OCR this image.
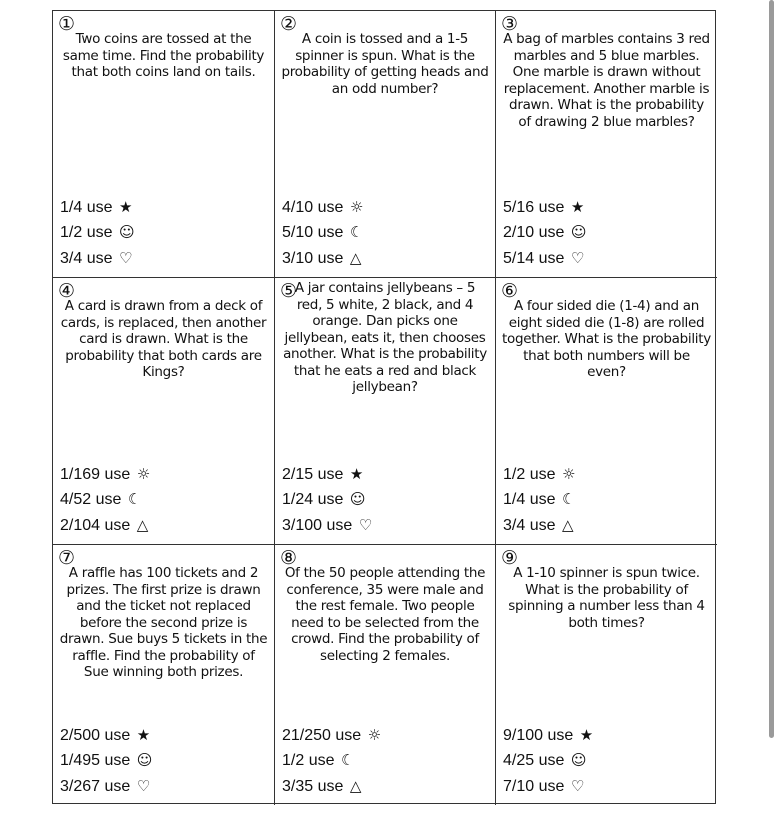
①
Two coins are tossed at the same time. Find the probability that both coins land on tails.
1/4 use ★
1/2 use ☺
3/4 use ♡
②
A coin is tossed and a 1-5 spinner is spun. What is the probability of getting heads and an odd number?
4/10 use ☼
5/10 use ☾
3/10 use △
③
A bag of marbles contains 3 red marbles and 5 blue marbles. One marble is drawn without replacement. Another marble is drawn. What is the probability of drawing 2 blue marbles?
5/16 use ★
2/10 use ☺
5/14 use ♡
④
A card is drawn from a deck of cards, is replaced, then another card is drawn. What is the probability that both cards are Kings?
1/169 use ☼
4/52 use ☾
2/104 use △
⑤
A jar contains jellybeans – 5 red, 5 white, 2 black, and 4 orange. Dan picks one jellybean, eats it, then chooses another. What is the probability that he eats a red and black jellybean?
2/15 use ★
1/24 use ☺
3/100 use ♡
⑥
A four sided die (1-4) and an eight sided die (1-8) are rolled together. What is the probability that both numbers will be even?
1/2 use ☼
1/4 use ☾
3/4 use △
⑦
A raffle has 100 tickets and 2 prizes. The first prize is drawn and the ticket not replaced before the second prize is drawn. Sue buys 5 tickets in the raffle. Find the probability of Sue winning both prizes.
2/500 use ★
1/495 use ☺
3/267 use ♡
⑧
Of the 50 people attending the conference, 35 were male and the rest female. Two people need to be selected from the crowd. Find the probability of selecting 2 females.
21/250 use ☼
1/2 use ☾
3/35 use △
⑨
A 1-10 spinner is spun twice. What is the probability of spinning a number less than 4 both times?
9/100 use ★
4/25 use ☺
7/10 use ♡
